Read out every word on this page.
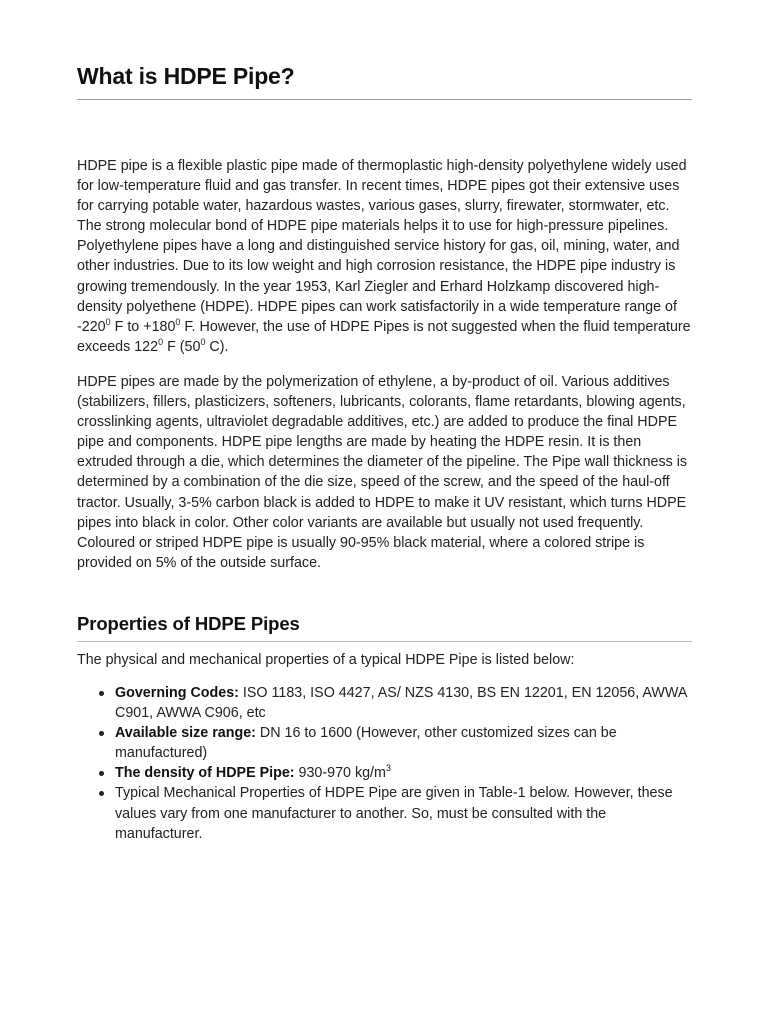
What is HDPE Pipe?

HDPE pipe is a flexible plastic pipe made of thermoplastic high-density polyethylene widely used for low-temperature fluid and gas transfer. In recent times, HDPE pipes got their extensive uses for carrying potable water, hazardous wastes, various gases, slurry, firewater, stormwater, etc. The strong molecular bond of HDPE pipe materials helps it to use for high-pressure pipelines. Polyethylene pipes have a long and distinguished service history for gas, oil, mining, water, and other industries. Due to its low weight and high corrosion resistance, the HDPE pipe industry is growing tremendously. In the year 1953, Karl Ziegler and Erhard Holzkamp discovered high-density polyethene (HDPE). HDPE pipes can work satisfactorily in a wide temperature range of $-220^0$ F to $+180^0$ F. However, the use of HDPE Pipes is not suggested when the fluid temperature exceeds $122^0$ F ($50^0$ C).

HDPE pipes are made by the polymerization of ethylene, a by-product of oil. Various additives (stabilizers, fillers, plasticizers, softeners, lubricants, colorants, flame retardants, blowing agents, crosslinking agents, ultraviolet degradable additives, etc.) are added to produce the final HDPE pipe and components. HDPE pipe lengths are made by heating the HDPE resin. It is then extruded through a die, which determines the diameter of the pipeline. The Pipe wall thickness is determined by a combination of the die size, speed of the screw, and the speed of the haul-off tractor. Usually, 3-5% carbon black is added to HDPE to make it UV resistant, which turns HDPE pipes into black in color. Other color variants are available but usually not used frequently. Coloured or striped HDPE pipe is usually 90-95% black material, where a colored stripe is provided on 5% of the outside surface.

Properties of HDPE Pipes

The physical and mechanical properties of a typical HDPE Pipe is listed below:

Governing Codes: ISO 1183, ISO 4427, AS/ NZS 4130, BS EN 12201, EN 12056, AWWA C901, AWWA C906, etc
Available size range: DN 16 to 1600 (However, other customized sizes can be manufactured)
The density of HDPE Pipe: 930-970 $kg/m^3$
Typical Mechanical Properties of HDPE Pipe are given in Table-1 below. However, these values vary from one manufacturer to another. So, must be consulted with the manufacturer.
